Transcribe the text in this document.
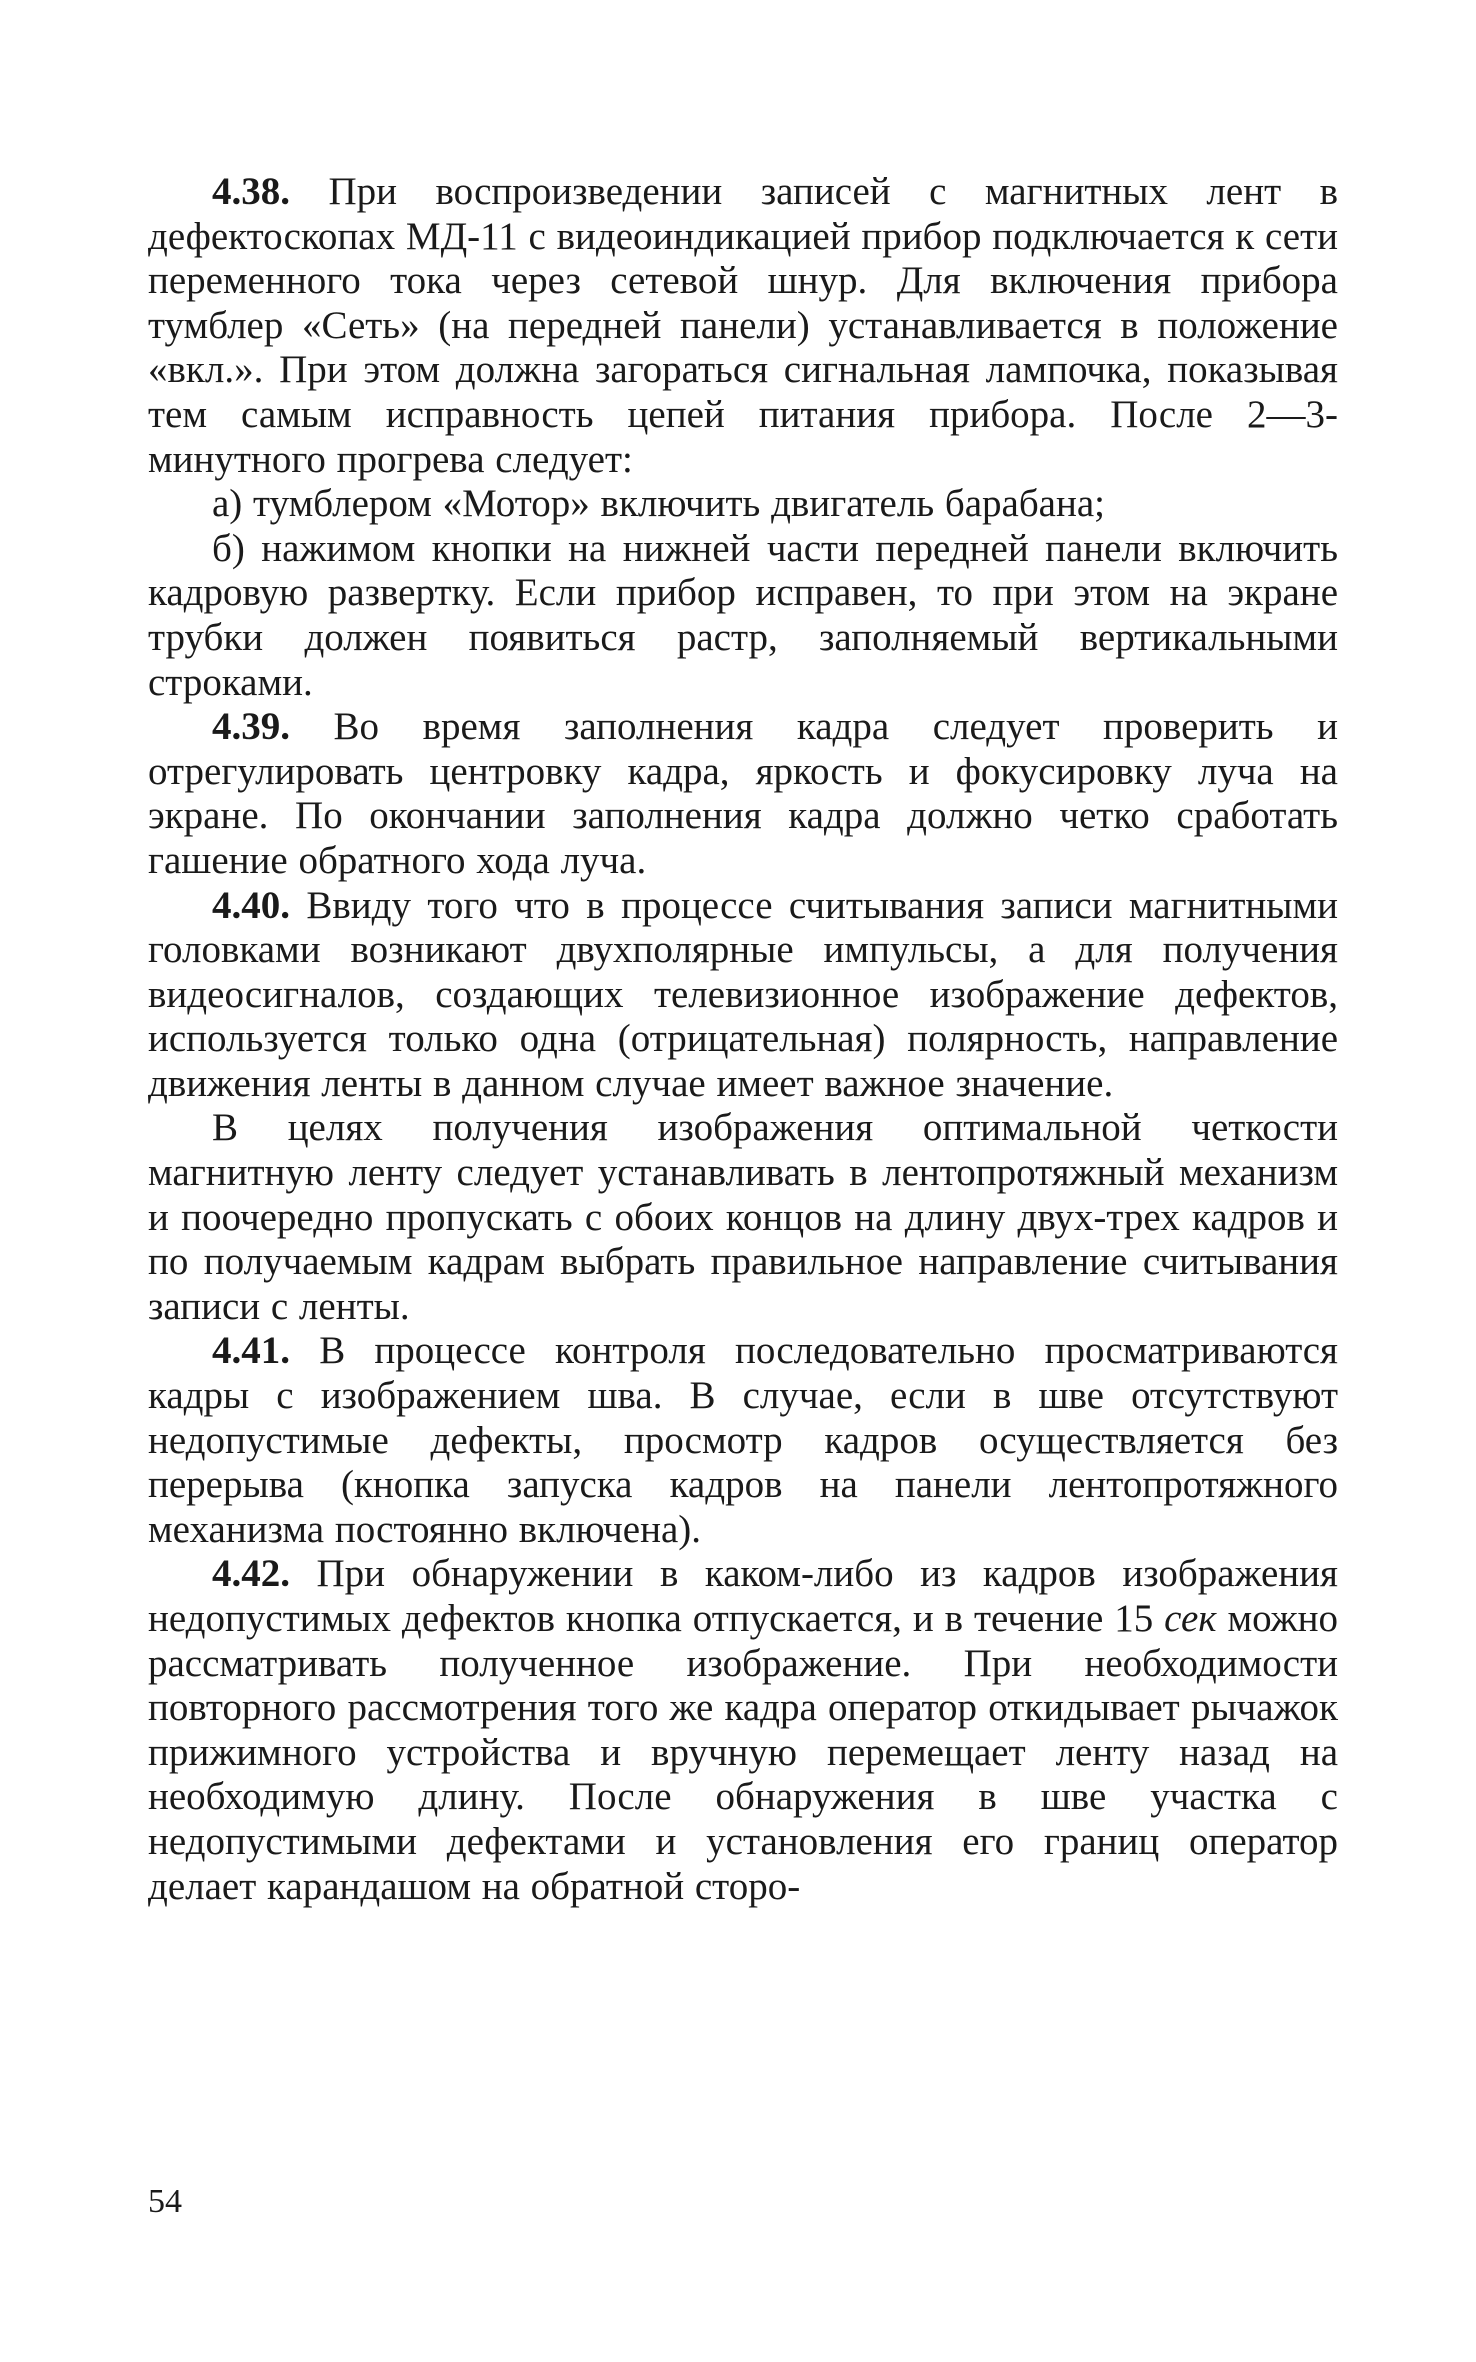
4.38. При воспроизведении записей с магнитных лент в дефектоскопах МД-11 с видеоиндикацией прибор подключается к сети переменного тока через сетевой шнур. Для включения прибора тумблер «Сеть» (на передней панели) устанавливается в положение «вкл.». При этом должна загораться сигнальная лампочка, показывая тем самым исправность цепей питания прибора. После 2—3-минутного прогрева следует:

а) тумблером «Мотор» включить двигатель барабана;

б) нажимом кнопки на нижней части передней панели включить кадровую развертку. Если прибор исправен, то при этом на экране трубки должен появиться растр, заполняемый вертикальными строками.

4.39. Во время заполнения кадра следует проверить и отрегулировать центровку кадра, яркость и фокусировку луча на экране. По окончании заполнения кадра должно четко сработать гашение обратного хода луча.

4.40. Ввиду того что в процессе считывания записи магнитными головками возникают двухполярные импульсы, а для получения видеосигналов, создающих телевизионное изображение дефектов, используется только одна (отрицательная) полярность, направление движения ленты в данном случае имеет важное значение.

В целях получения изображения оптимальной четкости магнитную ленту следует устанавливать в лентопротяжный механизм и поочередно пропускать с обоих концов на длину двух-трех кадров и по получаемым кадрам выбрать правильное направление считывания записи с ленты.

4.41. В процессе контроля последовательно просматриваются кадры с изображением шва. В случае, если в шве отсутствуют недопустимые дефекты, просмотр кадров осуществляется без перерыва (кнопка запуска кадров на панели лентопротяжного механизма постоянно включена).

4.42. При обнаружении в каком-либо из кадров изображения недопустимых дефектов кнопка отпускается, и в течение 15 сек можно рассматривать полученное изображение. При необходимости повторного рассмотрения того же кадра оператор откидывает рычажок прижимного устройства и вручную перемещает ленту назад на необходимую длину. После обнаружения в шве участка с недопустимыми дефектами и установления его границ оператор делает карандашом на обратной сторо-

54
